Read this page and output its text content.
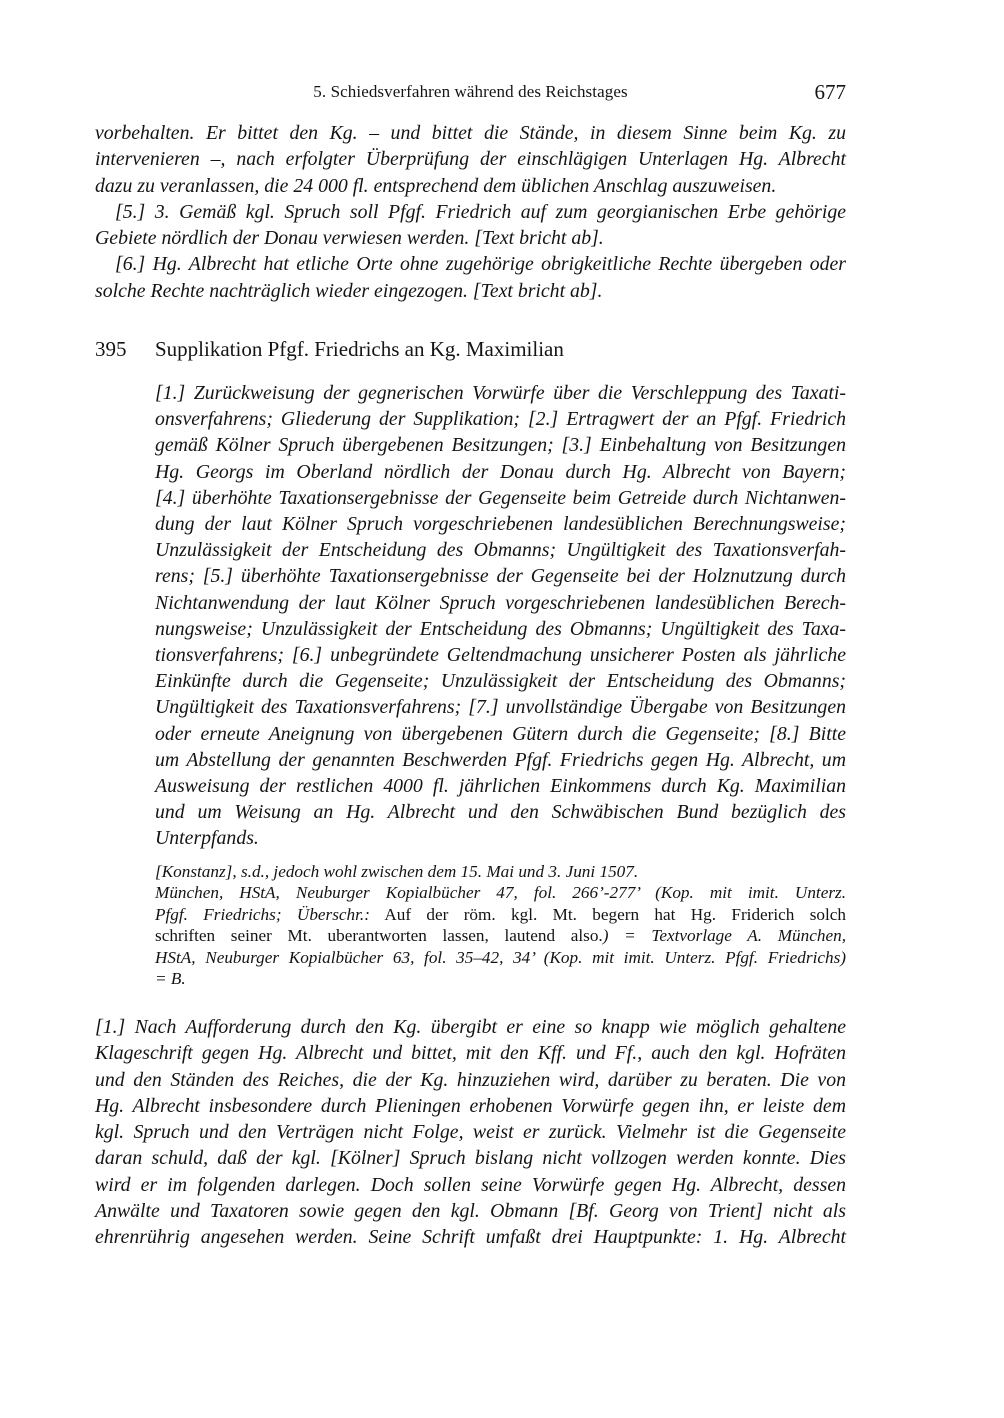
5. Schiedsverfahren während des Reichstages	677
vorbehalten. Er bittet den Kg. – und bittet die Stände, in diesem Sinne beim Kg. zu
intervenieren –, nach erfolgter Überprüfung der einschlägigen Unterlagen Hg. Albrecht
dazu zu veranlassen, die 24 000 fl. entsprechend dem üblichen Anschlag auszuweisen.
[5.] 3. Gemäß kgl. Spruch soll Pfgf. Friedrich auf zum georgianischen Erbe gehörige
Gebiete nördlich der Donau verwiesen werden. [Text bricht ab].
[6.] Hg. Albrecht hat etliche Orte ohne zugehörige obrigkeitliche Rechte übergeben oder
solche Rechte nachträglich wieder eingezogen. [Text bricht ab].
395 Supplikation Pfgf. Friedrichs an Kg. Maximilian
[1.] Zurückweisung der gegnerischen Vorwürfe über die Verschleppung des Taxati-
onsverfahrens; Gliederung der Supplikation; [2.] Ertragwert der an Pfgf. Friedrich
gemäß Kölner Spruch übergebenen Besitzungen; [3.] Einbehaltung von Besitzungen
Hg. Georgs im Oberland nördlich der Donau durch Hg. Albrecht von Bayern;
[4.] überhöhte Taxationsergebnisse der Gegenseite beim Getreide durch Nichtanwen-
dung der laut Kölner Spruch vorgeschriebenen landesüblichen Berechnungsweise;
Unzulässigkeit der Entscheidung des Obmanns; Ungültigkeit des Taxationsverfah-
rens; [5.] überhöhte Taxationsergebnisse der Gegenseite bei der Holznutzung durch
Nichtanwendung der laut Kölner Spruch vorgeschriebenen landesüblichen Berech-
nungsweise; Unzulässigkeit der Entscheidung des Obmanns; Ungültigkeit des Taxa-
tionsverfahrens; [6.] unbegründete Geltendmachung unsicherer Posten als jährliche
Einkünfte durch die Gegenseite; Unzulässigkeit der Entscheidung des Obmanns;
Ungültigkeit des Taxationsverfahrens; [7.] unvollständige Übergabe von Besitzungen
oder erneute Aneignung von übergebenen Gütern durch die Gegenseite; [8.] Bitte
um Abstellung der genannten Beschwerden Pfgf. Friedrichs gegen Hg. Albrecht, um
Ausweisung der restlichen 4000 fl. jährlichen Einkommens durch Kg. Maximilian
und um Weisung an Hg. Albrecht und den Schwäbischen Bund bezüglich des
Unterpfands.
[Konstanz], s.d., jedoch wohl zwischen dem 15. Mai und 3. Juni 1507.
München, HStA, Neuburger Kopialbücher 47, fol. 266’-277’ (Kop. mit imit. Unterz.
Pfgf. Friedrichs; Überschr.: Auf der röm. kgl. Mt. begern hat Hg. Friderich solch
schriften seiner Mt. uberantworten lassen, lautend also.) = Textvorlage A. München,
HStA, Neuburger Kopialbücher 63, fol. 35–42, 34’ (Kop. mit imit. Unterz. Pfgf. Friedrichs)
= B.
[1.] Nach Aufforderung durch den Kg. übergibt er eine so knapp wie möglich gehaltene
Klageschrift gegen Hg. Albrecht und bittet, mit den Kff. und Ff., auch den kgl. Hofräten
und den Ständen des Reiches, die der Kg. hinzuziehen wird, darüber zu beraten. Die von
Hg. Albrecht insbesondere durch Plieningen erhobenen Vorwürfe gegen ihn, er leiste dem
kgl. Spruch und den Verträgen nicht Folge, weist er zurück. Vielmehr ist die Gegenseite
daran schuld, daß der kgl. [Kölner] Spruch bislang nicht vollzogen werden konnte. Dies
wird er im folgenden darlegen. Doch sollen seine Vorwürfe gegen Hg. Albrecht, dessen
Anwälte und Taxatoren sowie gegen den kgl. Obmann [Bf. Georg von Trient] nicht als
ehrenrührig angesehen werden. Seine Schrift umfaßt drei Hauptpunkte: 1. Hg. Albrecht
